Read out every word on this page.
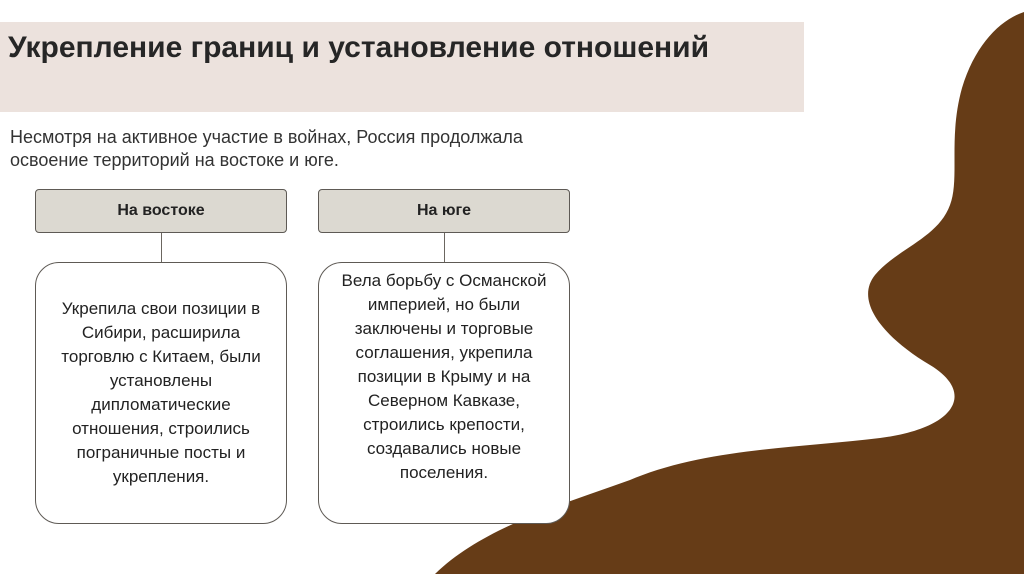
Укрепление границ и установление отношений

Несмотря на активное участие в войнах, Россия продолжала освоение территорий на востоке и юге.

На востоке

Укрепила свои позиции в Сибири, расширила торговлю с Китаем, были установлены дипломатические отношения, строились пограничные посты и укрепления.

На юге

Вела борьбу с Османской империей, но были заключены и торговые соглашения, укрепила позиции в Крыму и на Северном Кавказе, строились крепости, создавались новые поселения.
